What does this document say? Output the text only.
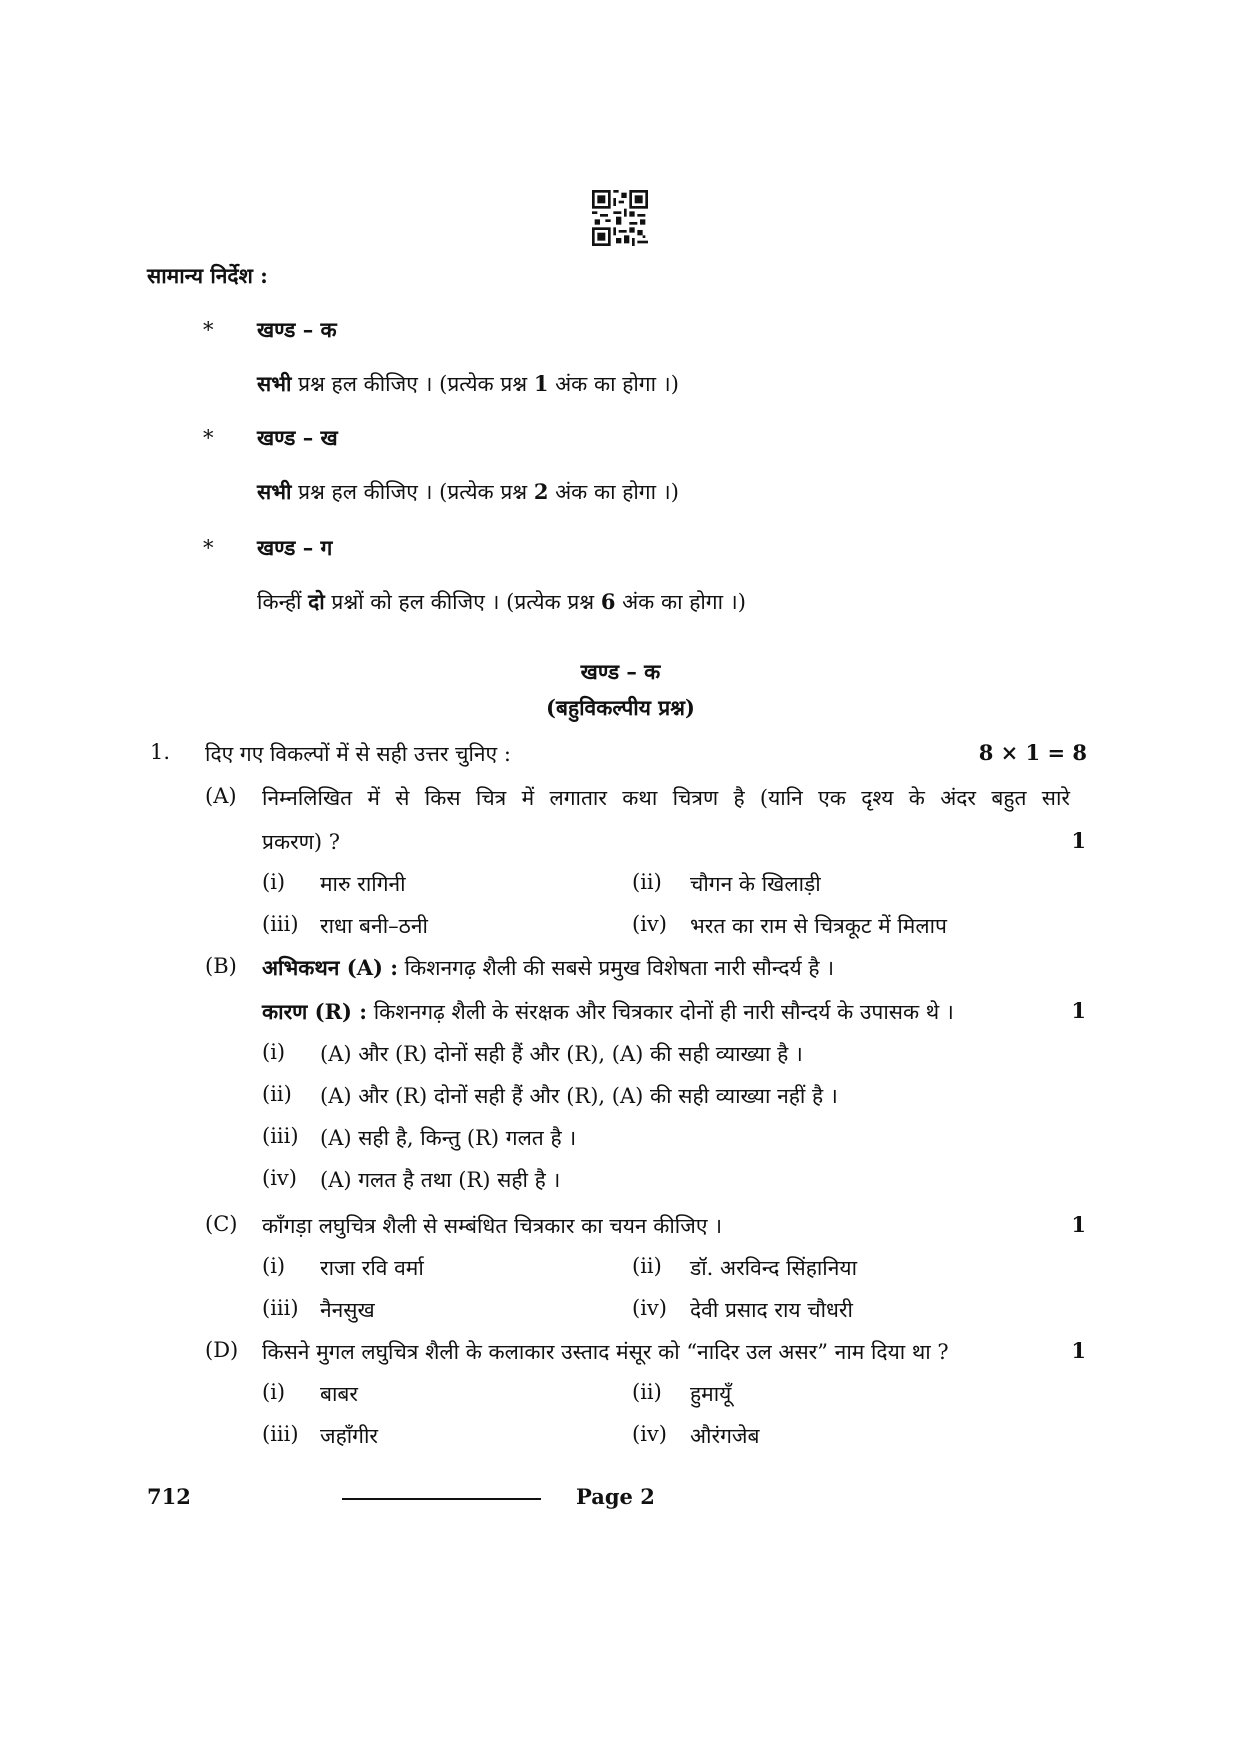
सामान्य निर्देश :
* खण्ड – क
सभी प्रश्न हल कीजिए । (प्रत्येक प्रश्न 1 अंक का होगा ।)
* खण्ड – ख
सभी प्रश्न हल कीजिए । (प्रत्येक प्रश्न 2 अंक का होगा ।)
* खण्ड – ग
किन्हीं दो प्रश्नों को हल कीजिए । (प्रत्येक प्रश्न 6 अंक का होगा ।)
खण्ड – क
(बहुविकल्पीय प्रश्न)
1. दिए गए विकल्पों में से सही उत्तर चुनिए :	8 × 1 = 8
(A) निम्नलिखित में से किस चित्र में लगातार कथा चित्रण है (यानि एक दृश्य के अंदर बहुत सारे
प्रकरण) ?	1
(i) मारु रागिनी	(ii) चौगन के खिलाड़ी
(iii) राधा बनी–ठनी	(iv) भरत का राम से चित्रकूट में मिलाप
(B) अभिकथन (A) : किशनगढ़ शैली की सबसे प्रमुख विशेषता नारी सौन्दर्य है ।
कारण (R) : किशनगढ़ शैली के संरक्षक और चित्रकार दोनों ही नारी सौन्दर्य के उपासक थे ।	1
(i) (A) और (R) दोनों सही हैं और (R), (A) की सही व्याख्या है ।
(ii) (A) और (R) दोनों सही हैं और (R), (A) की सही व्याख्या नहीं है ।
(iii) (A) सही है, किन्तु (R) गलत है ।
(iv) (A) गलत है तथा (R) सही है ।
(C) काँगड़ा लघुचित्र शैली से सम्बंधित चित्रकार का चयन कीजिए ।	1
(i) राजा रवि वर्मा	(ii) डॉ. अरविन्द सिंहानिया
(iii) नैनसुख	(iv) देवी प्रसाद राय चौधरी
(D) किसने मुगल लघुचित्र शैली के कलाकार उस्ताद मंसूर को “नादिर उल असर” नाम दिया था ?	1
(i) बाबर	(ii) हुमायूँ
(iii) जहाँगीर	(iv) औरंगजेब
712	Page 2
